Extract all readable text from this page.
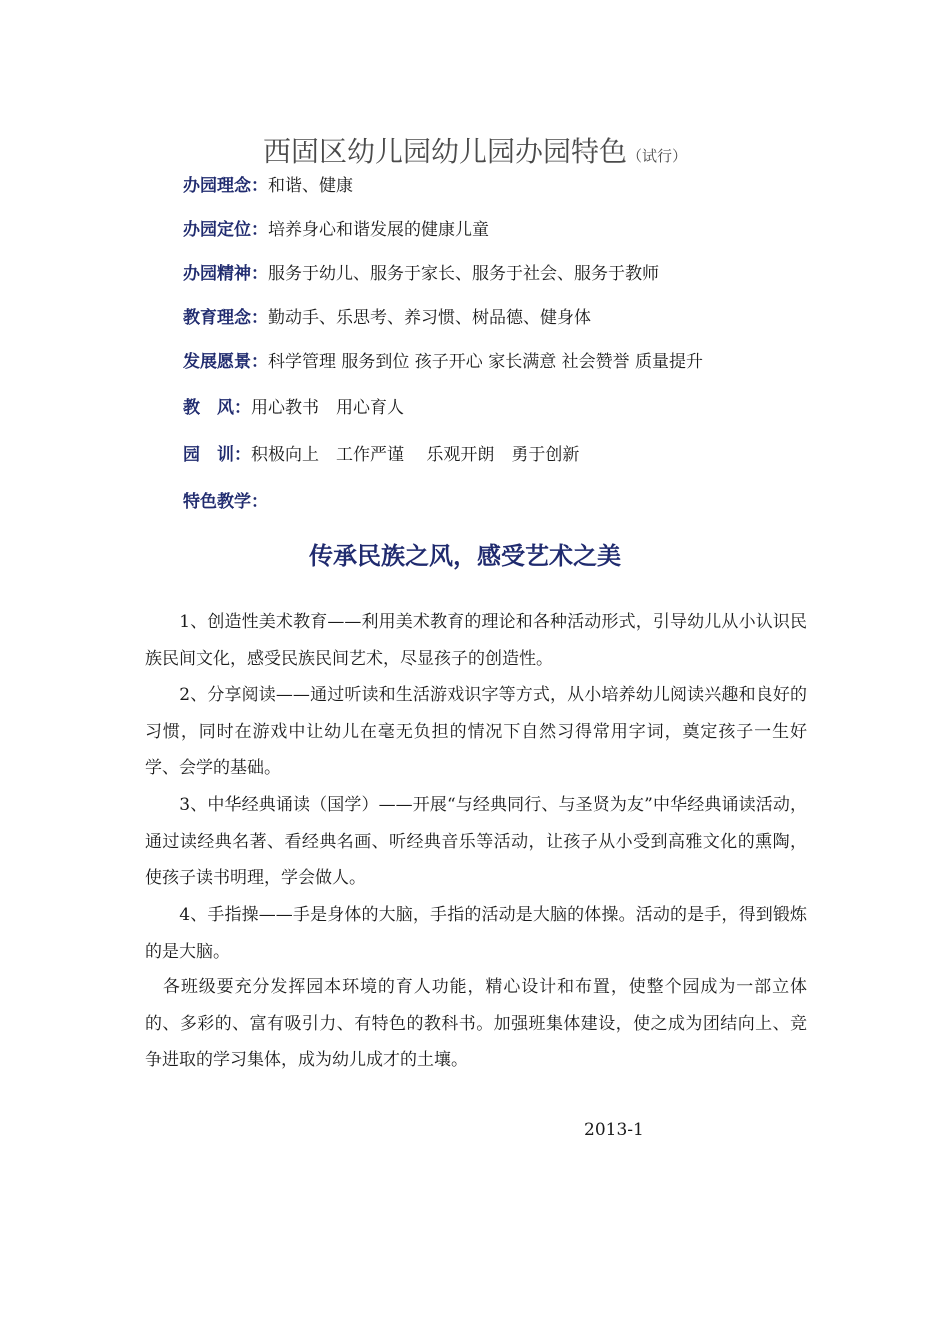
西固区幼儿园幼儿园办园特色（试行）
办园理念：和谐、健康
办园定位：培养身心和谐发展的健康儿童
办园精神：服务于幼儿、服务于家长、服务于社会、服务于教师
教育理念：勤动手、乐思考、养习惯、树品德、健身体
发展愿景：科学管理 服务到位 孩子开心 家长满意 社会赞誉 质量提升
教　风：用心教书　用心育人
园　训：积极向上　工作严谨　 乐观开朗　勇于创新
特色教学：
传承民族之风，感受艺术之美

　　1、创造性美术教育——利用美术教育的理论和各种活动形式，引导幼儿从小认识民族民间文化，感受民族民间艺术，尽显孩子的创造性。

　　2、分享阅读——通过听读和生活游戏识字等方式，从小培养幼儿阅读兴趣和良好的习惯，同时在游戏中让幼儿在毫无负担的情况下自然习得常用字词，奠定孩子一生好学、会学的基础。

　　3、中华经典诵读（国学）——开展“与经典同行、与圣贤为友”中华经典诵读活动，通过读经典名著、看经典名画、听经典音乐等活动，让孩子从小受到高雅文化的熏陶，使孩子读书明理，学会做人。

　　4、手指操——手是身体的大脑，手指的活动是大脑的体操。活动的是手，得到锻炼的是大脑。

　各班级要充分发挥园本环境的育人功能，精心设计和布置，使整个园成为一部立体的、多彩的、富有吸引力、有特色的教科书。加强班集体建设，使之成为团结向上、竞争进取的学习集体，成为幼儿成才的土壤。

2013-1
